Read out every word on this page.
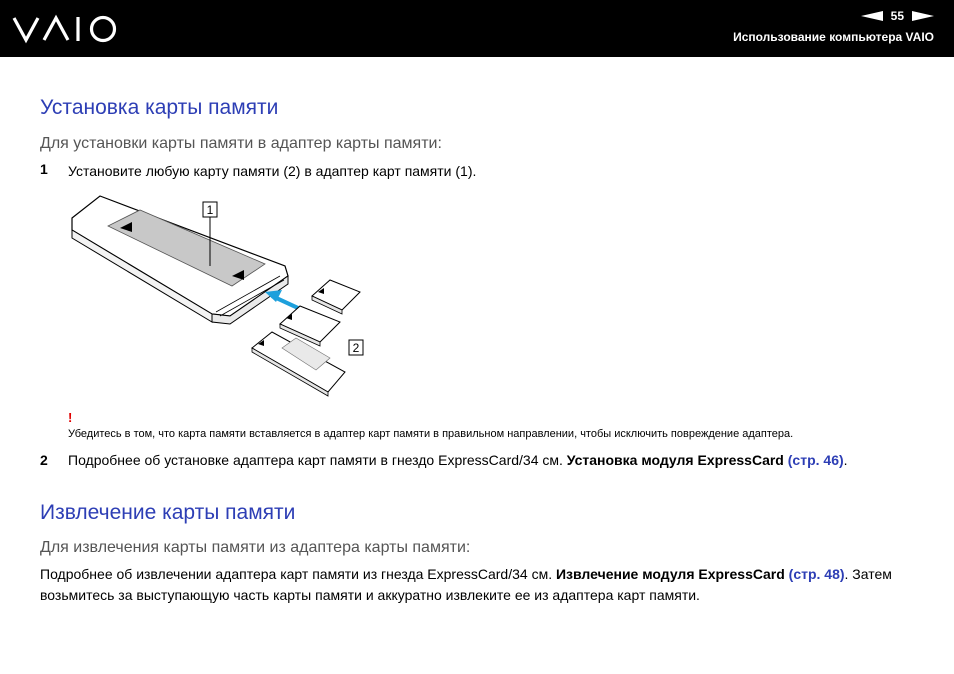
55
Использование компьютера VAIO
Установка карты памяти
Для установки карты памяти в адаптер карты памяти:
1 Установите любую карту памяти (2) в адаптер карт памяти (1).
1
2
!
Убедитесь в том, что карта памяти вставляется в адаптер карт памяти в правильном направлении, чтобы исключить повреждение адаптера.
2 Подробнее об установке адаптера карт памяти в гнездо ExpressCard/34 см. Установка модуля ExpressCard (стр. 46).
Извлечение карты памяти
Для извлечения карты памяти из адаптера карты памяти:
Подробнее об извлечении адаптера карт памяти из гнезда ExpressCard/34 см. Извлечение модуля ExpressCard (стр. 48). Затем возьмитесь за выступающую часть карты памяти и аккуратно извлеките ее из адаптера карт памяти.
